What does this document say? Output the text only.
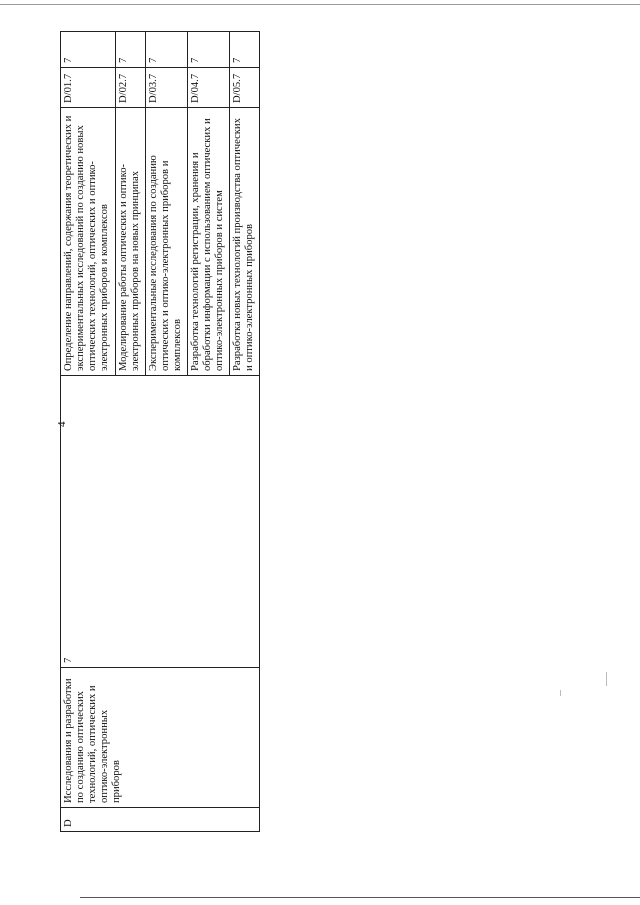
4
D	Исследования и разработки по созданию оптических технологий, оптических и оптико-электронных приборов	7	Определение направлений, содержания теоретических и экспериментальных исследований по созданию новых оптических технологий, оптических и оптико-электронных приборов и комплексов	D/01.7	7
			Моделирование работы оптических и оптико-электронных приборов на новых принципах	D/02.7	7
			Экспериментальные исследования по созданию оптических и оптико-электронных приборов и комплексов	D/03.7	7
			Разработка технологий регистрации, хранения и обработки информации с использованием оптических и оптико-электронных приборов и систем	D/04.7	7
			Разработка новых технологий производства оптических и оптико-электронных приборов	D/05.7	7
